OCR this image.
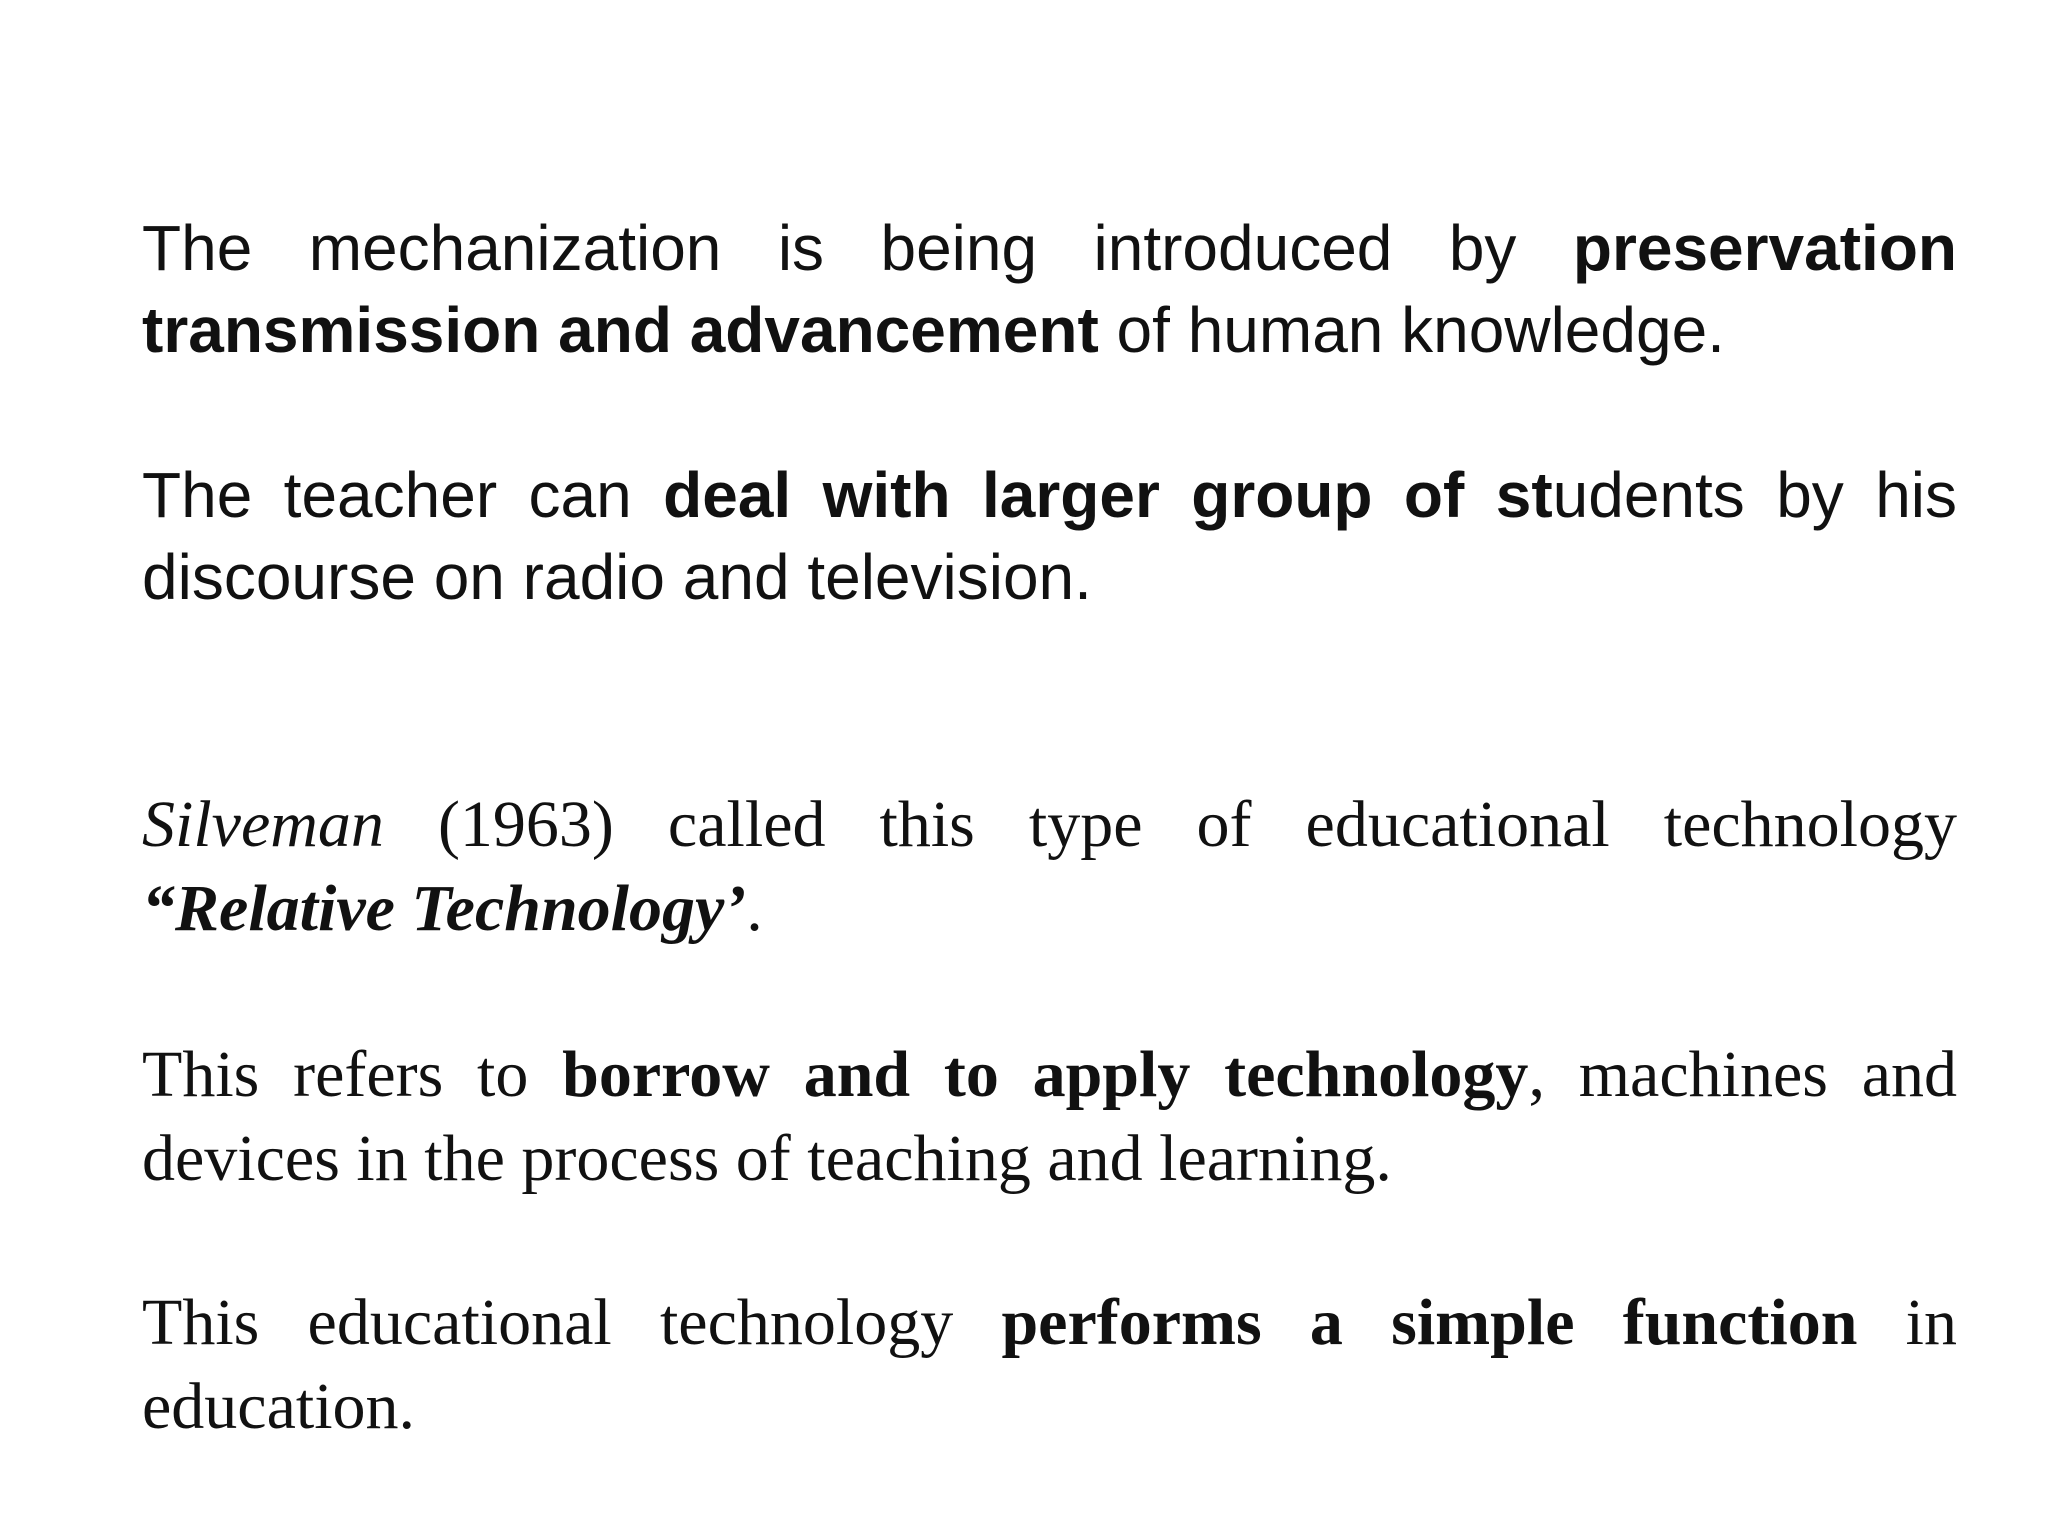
The mechanization is being introduced by preservation transmission and advancement of human knowledge.

The teacher can deal with larger group of students by his discourse on radio and television.

Silveman (1963) called this type of educational technology “Relative Technology’.

This refers to borrow and to apply technology, machines and devices in the process of teaching and learning.

This educational technology performs a simple function in education.
